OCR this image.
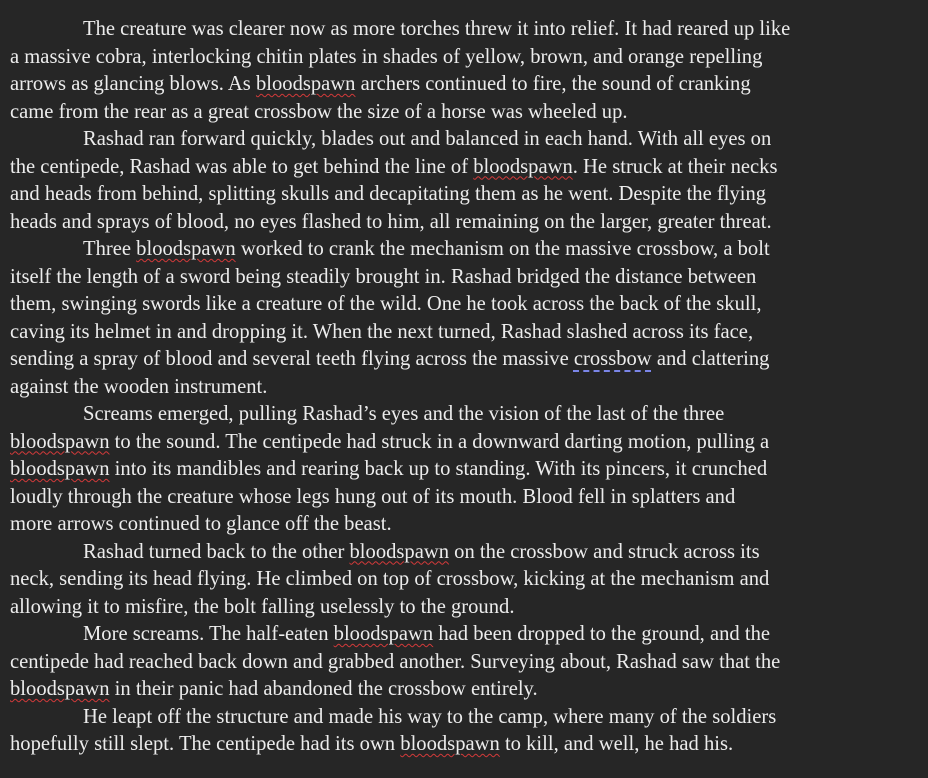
The creature was clearer now as more torches threw it into relief. It had reared up like
a massive cobra, interlocking chitin plates in shades of yellow, brown, and orange repelling
arrows as glancing blows. As bloodspawn archers continued to fire, the sound of cranking
came from the rear as a great crossbow the size of a horse was wheeled up.
Rashad ran forward quickly, blades out and balanced in each hand. With all eyes on
the centipede, Rashad was able to get behind the line of bloodspawn. He struck at their necks
and heads from behind, splitting skulls and decapitating them as he went. Despite the flying
heads and sprays of blood, no eyes flashed to him, all remaining on the larger, greater threat.
Three bloodspawn worked to crank the mechanism on the massive crossbow, a bolt
itself the length of a sword being steadily brought in. Rashad bridged the distance between
them, swinging swords like a creature of the wild. One he took across the back of the skull,
caving its helmet in and dropping it. When the next turned, Rashad slashed across its face,
sending a spray of blood and several teeth flying across the massive crossbow and clattering
against the wooden instrument.
Screams emerged, pulling Rashad’s eyes and the vision of the last of the three
bloodspawn to the sound. The centipede had struck in a downward darting motion, pulling a
bloodspawn into its mandibles and rearing back up to standing. With its pincers, it crunched
loudly through the creature whose legs hung out of its mouth. Blood fell in splatters and
more arrows continued to glance off the beast.
Rashad turned back to the other bloodspawn on the crossbow and struck across its
neck, sending its head flying. He climbed on top of crossbow, kicking at the mechanism and
allowing it to misfire, the bolt falling uselessly to the ground.
More screams. The half-eaten bloodspawn had been dropped to the ground, and the
centipede had reached back down and grabbed another. Surveying about, Rashad saw that the
bloodspawn in their panic had abandoned the crossbow entirely.
He leapt off the structure and made his way to the camp, where many of the soldiers
hopefully still slept. The centipede had its own bloodspawn to kill, and well, he had his.
